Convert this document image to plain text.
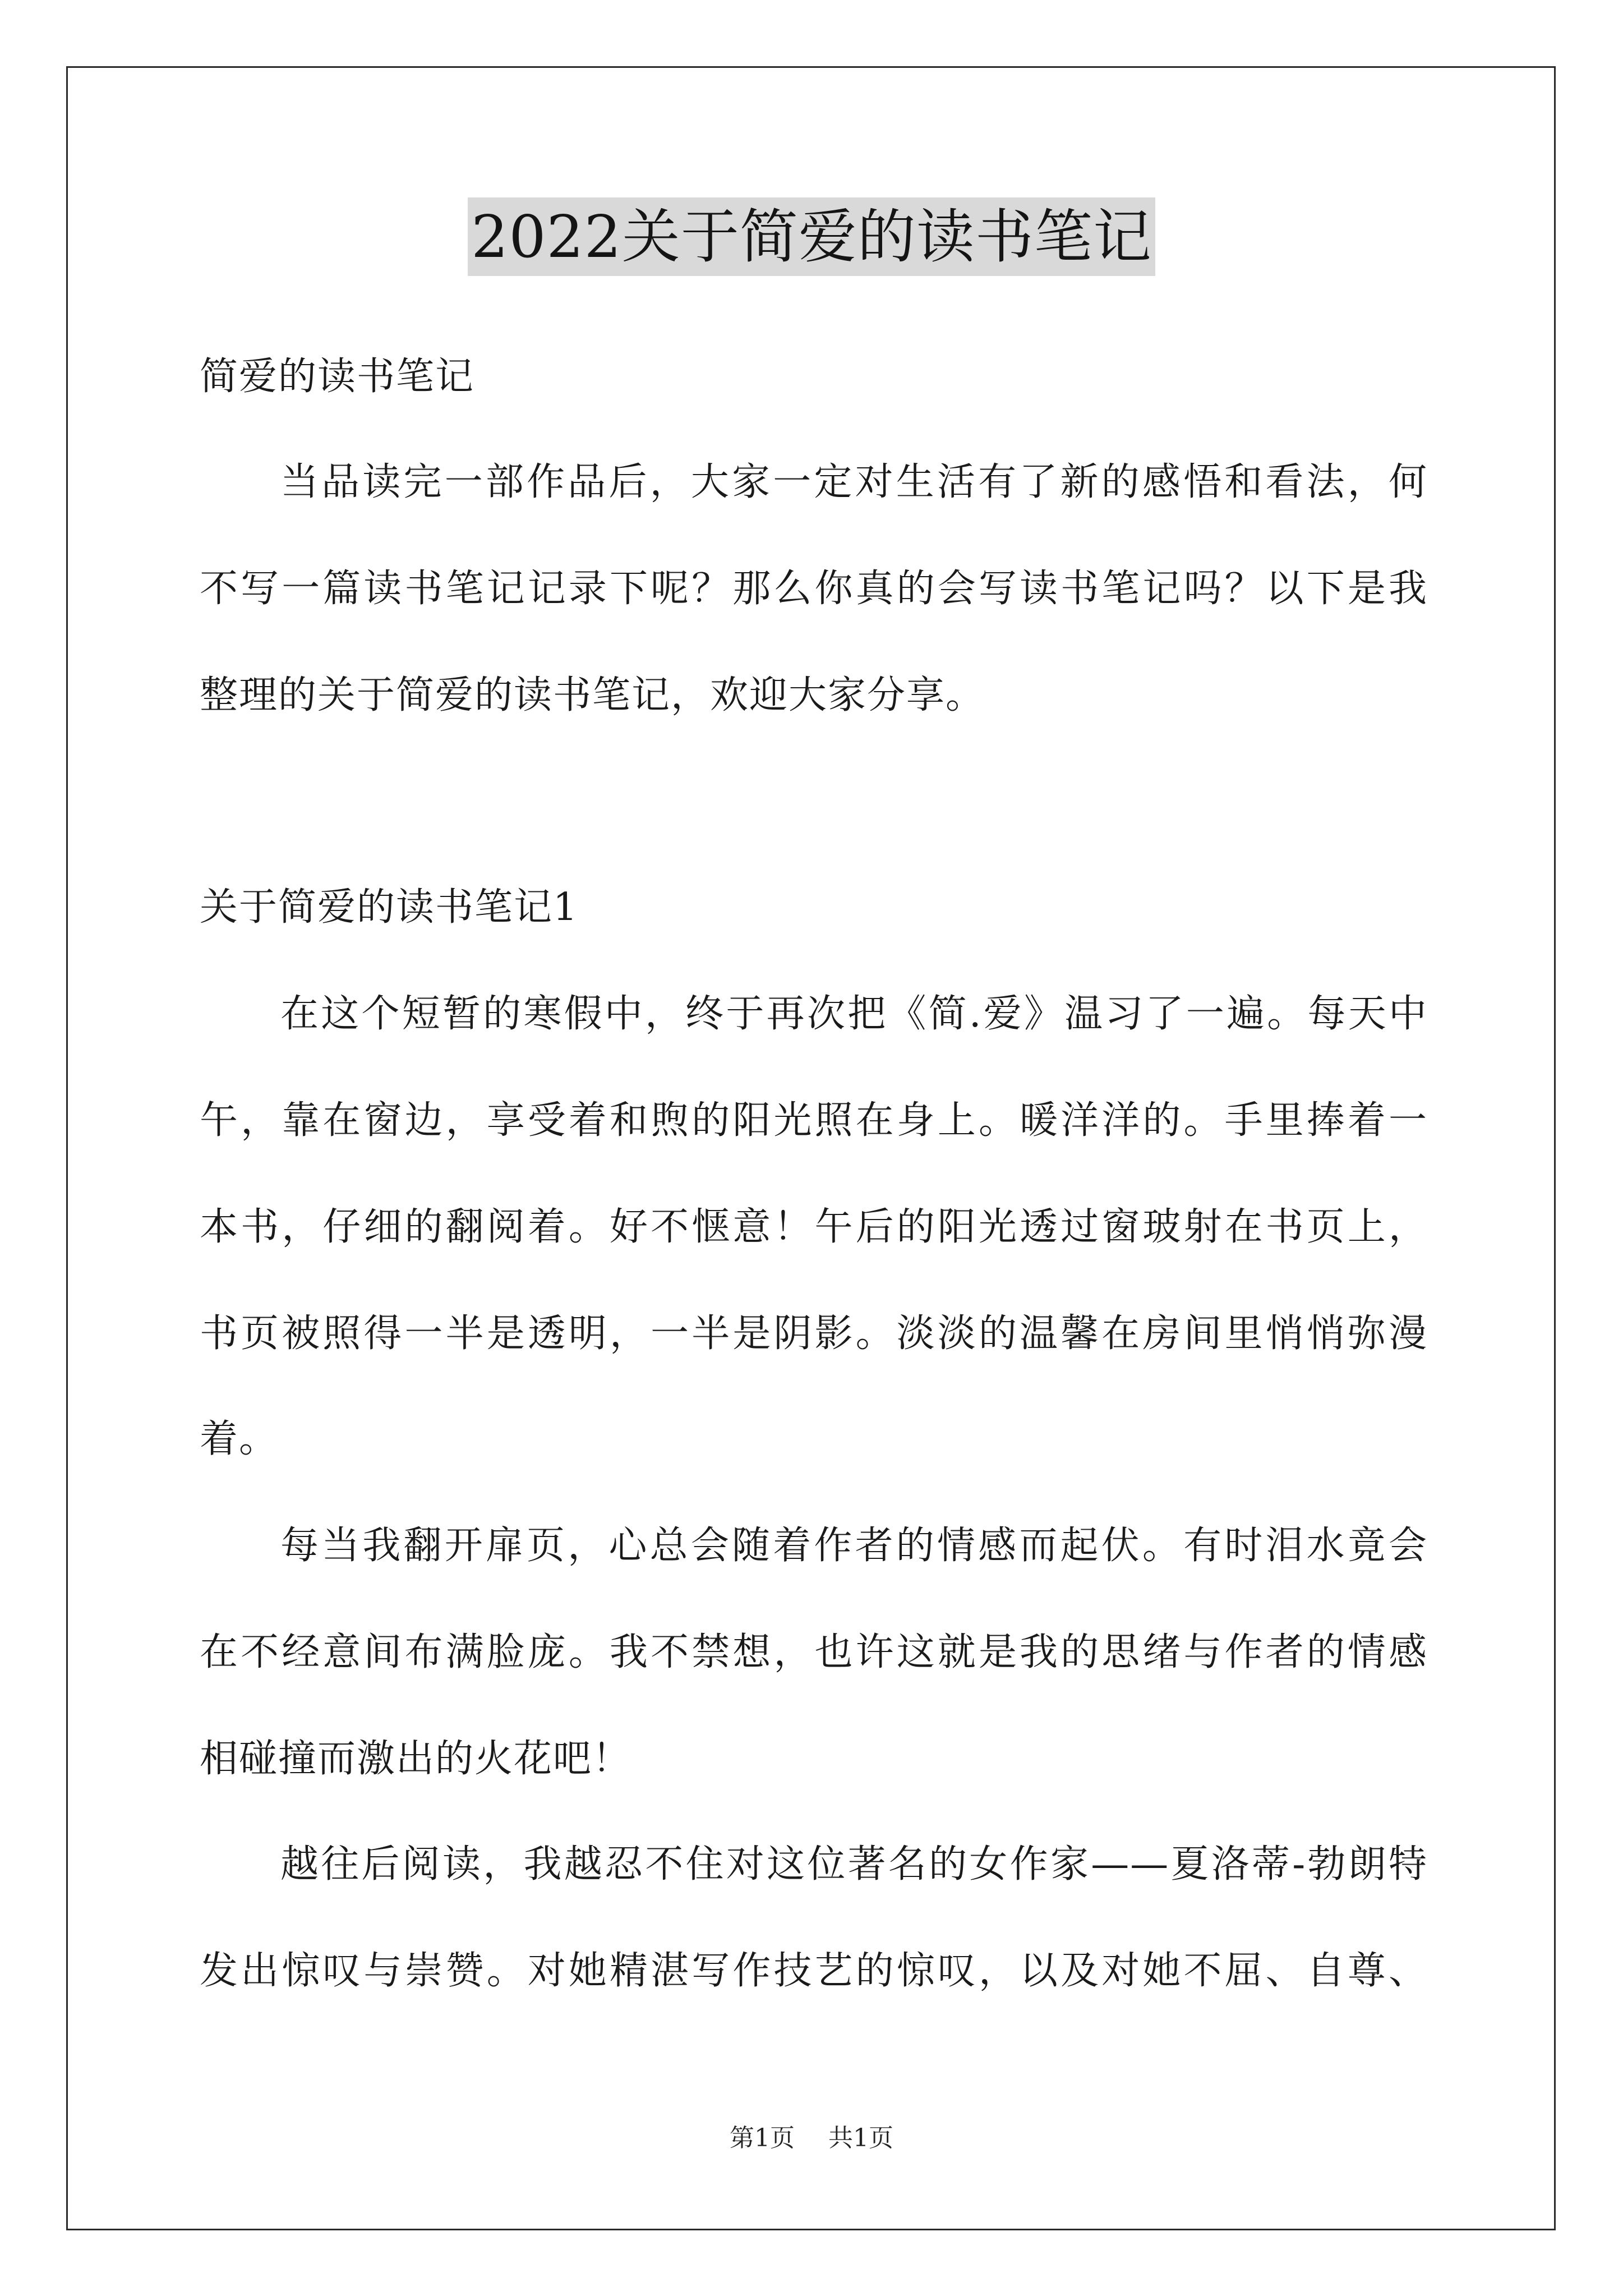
2022关于简爱的读书笔记
简爱的读书笔记
当品读完一部作品后，大家一定对生活有了新的感悟和看法，何
不写一篇读书笔记记录下呢？那么你真的会写读书笔记吗？以下是我
整理的关于简爱的读书笔记，欢迎大家分享。
关于简爱的读书笔记1
在这个短暂的寒假中，终于再次把《简.爱》温习了一遍。每天中
午，靠在窗边，享受着和煦的阳光照在身上。暖洋洋的。手里捧着一
本书，仔细的翻阅着。好不惬意！午后的阳光透过窗玻射在书页上，
书页被照得一半是透明，一半是阴影。淡淡的温馨在房间里悄悄弥漫
着。
每当我翻开扉页，心总会随着作者的情感而起伏。有时泪水竟会
在不经意间布满脸庞。我不禁想，也许这就是我的思绪与作者的情感
相碰撞而激出的火花吧！
越往后阅读，我越忍不住对这位著名的女作家——夏洛蒂-勃朗特
发出惊叹与崇赞。对她精湛写作技艺的惊叹，以及对她不屈、自尊、
第1页 共1页
